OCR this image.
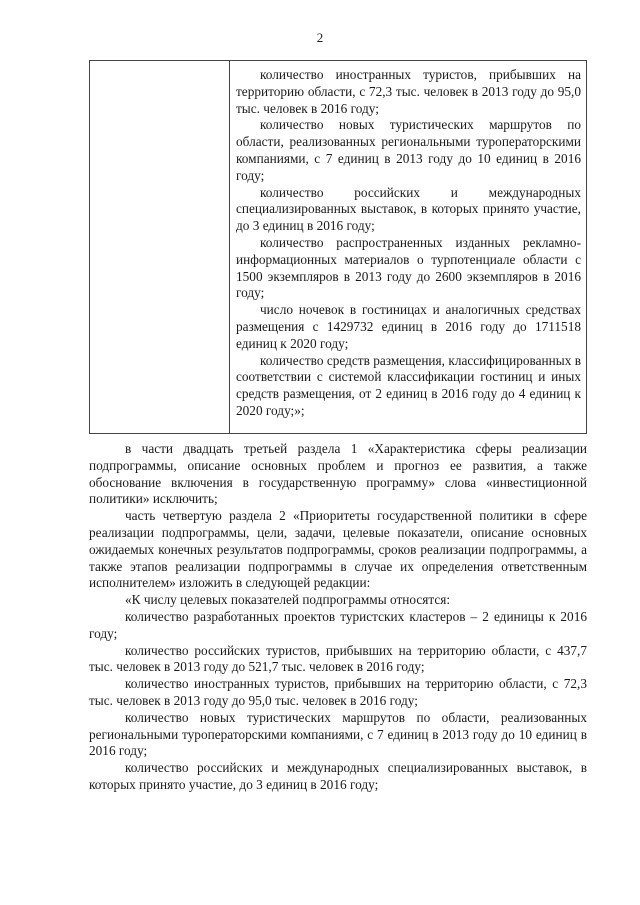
2

количество иностранных туристов, прибывших на территорию области, с 72,3 тыс. человек в 2013 году до 95,0 тыс. человек в 2016 году;

количество новых туристических маршрутов по области, реализованных региональными туроператорскими компаниями, с 7 единиц в 2013 году до 10 единиц в 2016 году;

количество российских и международных специализированных выставок, в которых принято участие, до 3 единиц в 2016 году;

количество распространенных изданных рекламно-информационных материалов о турпотенциале области с 1500 экземпляров в 2013 году до 2600 экземпляров в 2016 году;

число ночевок в гостиницах и аналогичных средствах размещения с 1429732 единиц в 2016 году до 1711518 единиц к 2020 году;

количество средств размещения, классифицированных в соответствии с системой классификации гостиниц и иных средств размещения, от 2 единиц в 2016 году до 4 единиц к 2020 году;»;

в части двадцать третьей раздела 1 «Характеристика сферы реализации подпрограммы, описание основных проблем и прогноз ее развития, а также обоснование включения в государственную программу» слова «инвестиционной политики» исключить;

часть четвертую раздела 2 «Приоритеты государственной политики в сфере реализации подпрограммы, цели, задачи, целевые показатели, описание основных ожидаемых конечных результатов подпрограммы, сроков реализации подпрограммы, а также этапов реализации подпрограммы в случае их определения ответственным исполнителем» изложить в следующей редакции:

«К числу целевых показателей подпрограммы относятся:

количество разработанных проектов туристских кластеров – 2 единицы к 2016 году;

количество российских туристов, прибывших на территорию области, с 437,7 тыс. человек в 2013 году до 521,7 тыс. человек в 2016 году;

количество иностранных туристов, прибывших на территорию области, с 72,3 тыс. человек в 2013 году до 95,0 тыс. человек в 2016 году;

количество новых туристических маршрутов по области, реализованных региональными туроператорскими компаниями, с 7 единиц в 2013 году до 10 единиц в 2016 году;

количество российских и международных специализированных выставок, в которых принято участие, до 3 единиц в 2016 году;
